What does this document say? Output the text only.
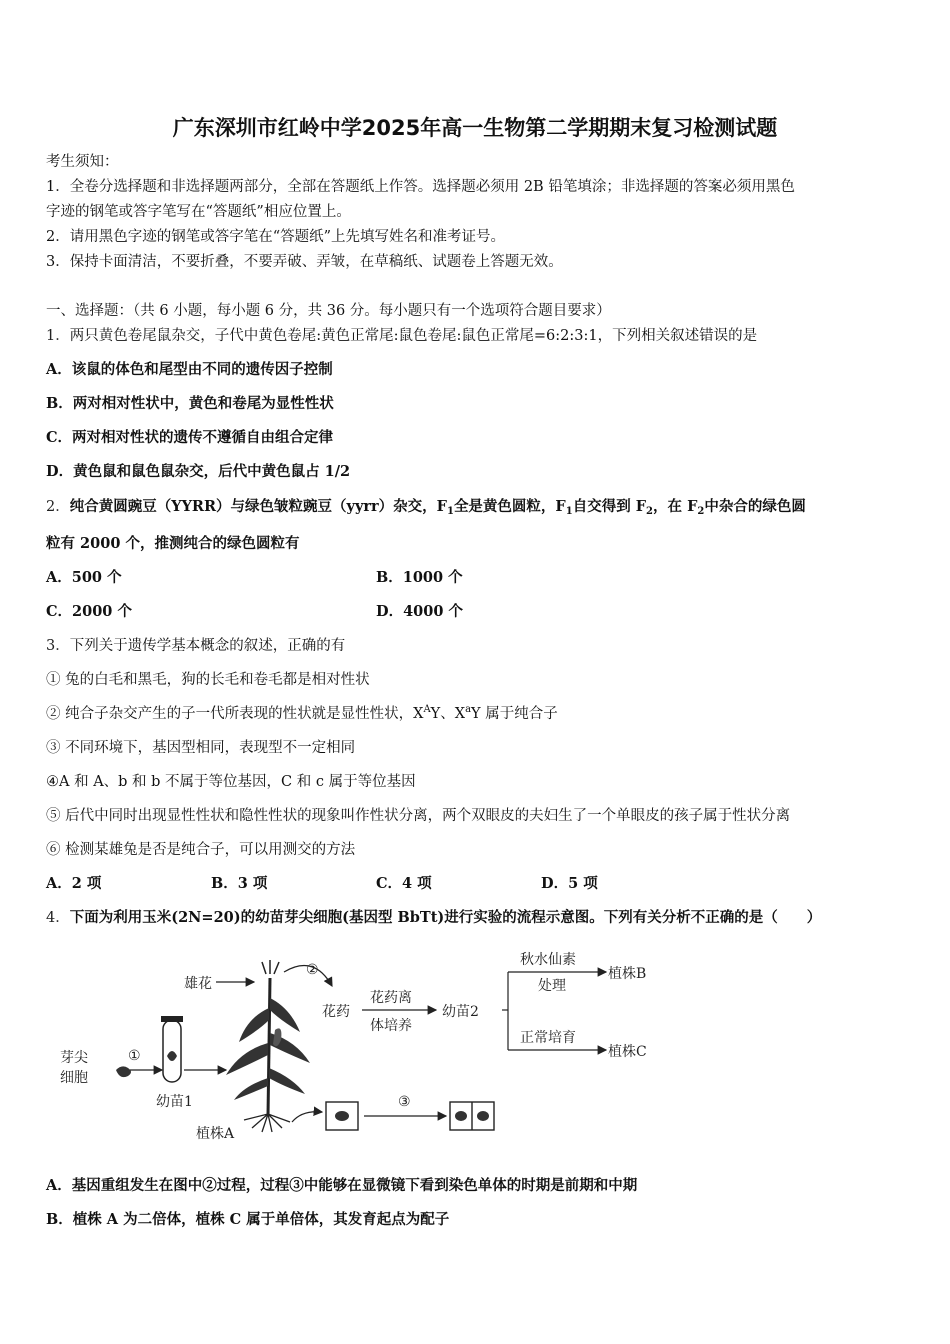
广东深圳市红岭中学2025年高一生物第二学期期末复习检测试题
考生须知：
1．全卷分选择题和非选择题两部分，全部在答题纸上作答。选择题必须用 2B 铅笔填涂；非选择题的答案必须用黑色
字迹的钢笔或答字笔写在“答题纸”相应位置上。
2．请用黑色字迹的钢笔或答字笔在“答题纸”上先填写姓名和准考证号。
3．保持卡面清洁，不要折叠，不要弄破、弄皱，在草稿纸、试题卷上答题无效。
一、选择题：（共 6 小题，每小题 6 分，共 36 分。每小题只有一个选项符合题目要求）
1．两只黄色卷尾鼠杂交，子代中黄色卷尾:黄色正常尾:鼠色卷尾:鼠色正常尾=6:2:3:1，下列相关叙述错误的是
A．该鼠的体色和尾型由不同的遗传因子控制
B．两对相对性状中，黄色和卷尾为显性性状
C．两对相对性状的遗传不遵循自由组合定律
D．黄色鼠和鼠色鼠杂交，后代中黄色鼠占 1/2
2．纯合黄圆豌豆（YYRR）与绿色皱粒豌豆（yyrr）杂交，$F_1$全是黄色圆粒，$F_1$自交得到 $F_2$，在 $F_2$中杂合的绿色圆
粒有 2000 个，推测纯合的绿色圆粒有
A．500 个	B．1000 个
C．2000 个	D．4000 个
3．下列关于遗传学基本概念的叙述，正确的有
① 兔的白毛和黑毛，狗的长毛和卷毛都是相对性状
② 纯合子杂交产生的子一代所表现的性状就是显性性状，$X^AY$、$X^aY$ 属于纯合子
③ 不同环境下，基因型相同，表现型不一定相同
④A 和 A、b 和 b 不属于等位基因，C 和 c 属于等位基因
⑤ 后代中同时出现显性性状和隐性性状的现象叫作性状分离，两个双眼皮的夫妇生了一个单眼皮的孩子属于性状分离
⑥ 检测某雄兔是否是纯合子，可以用测交的方法
A．2 项	B．3 项	C．4 项	D．5 项
4．下面为利用玉米(2N=20)的幼苗芽尖细胞(基因型 BbTt)进行实验的流程示意图。下列有关分析不正确的是（　　）
芽尖
细胞
①
幼苗1
雄花
植株A
②
花药
花药离
体培养
幼苗2
秋水仙素
处理
正常培育
植株B
植株C
③
A．基因重组发生在图中②过程，过程③中能够在显微镜下看到染色单体的时期是前期和中期
B．植株 A 为二倍体，植株 C 属于单倍体，其发育起点为配子
